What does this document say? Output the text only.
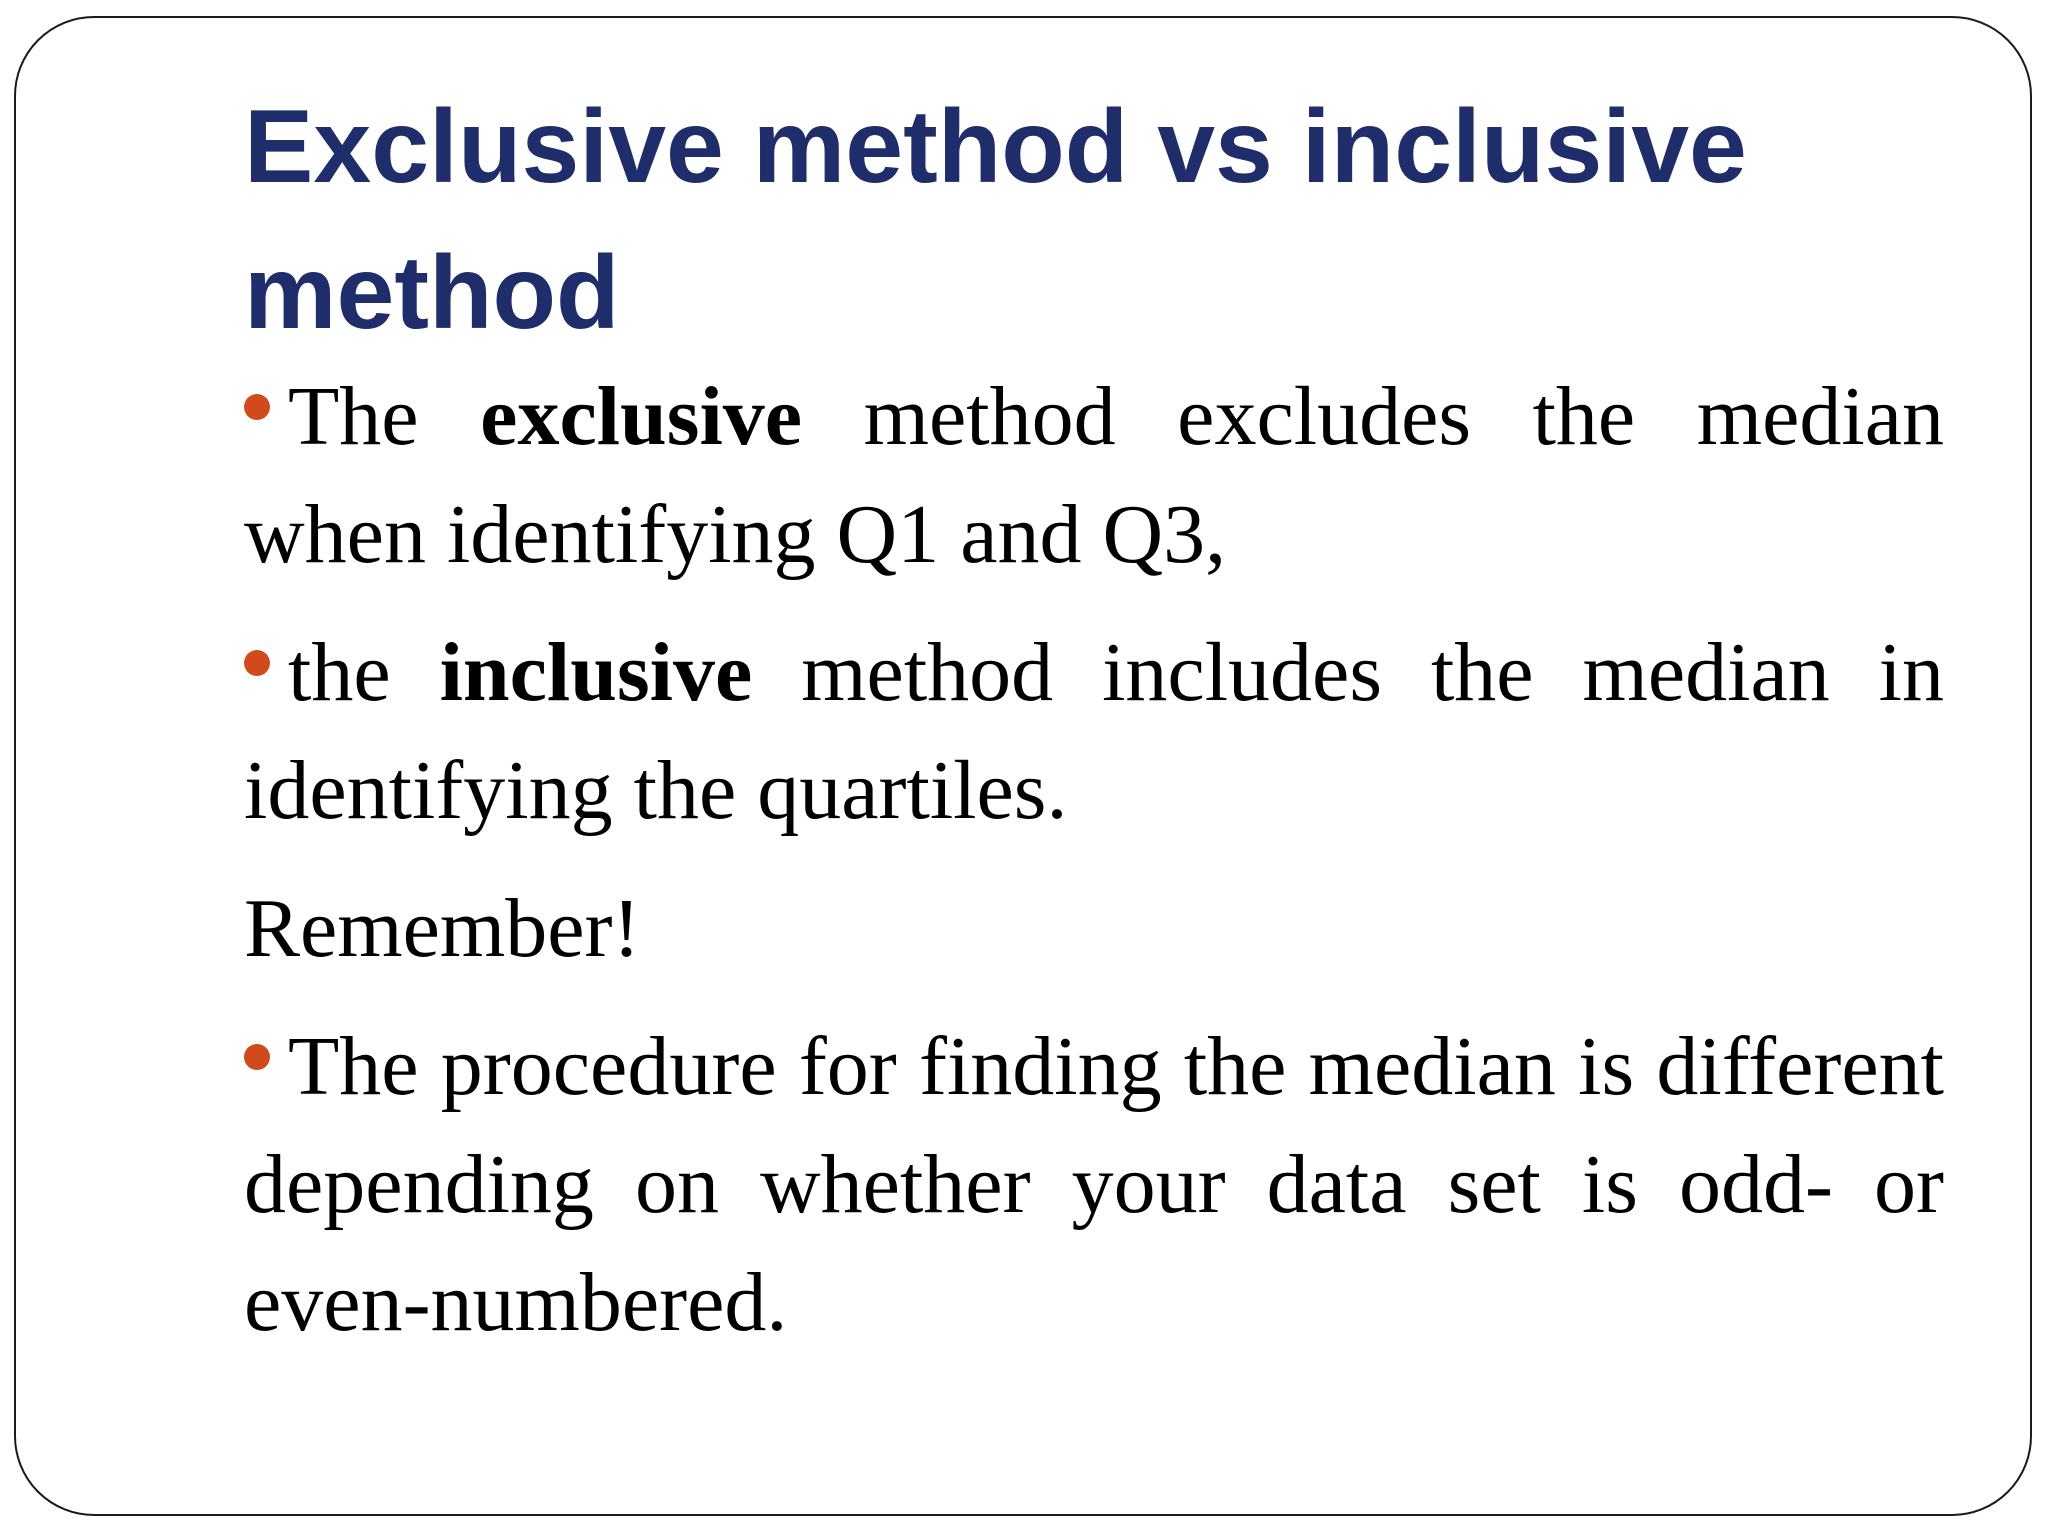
Exclusive method vs inclusive method

The exclusive method excludes the median when identifying Q1 and Q3,

the inclusive method includes the median in identifying the quartiles.

Remember!

The procedure for finding the median is different depending on whether your data set is odd- or even-numbered.
